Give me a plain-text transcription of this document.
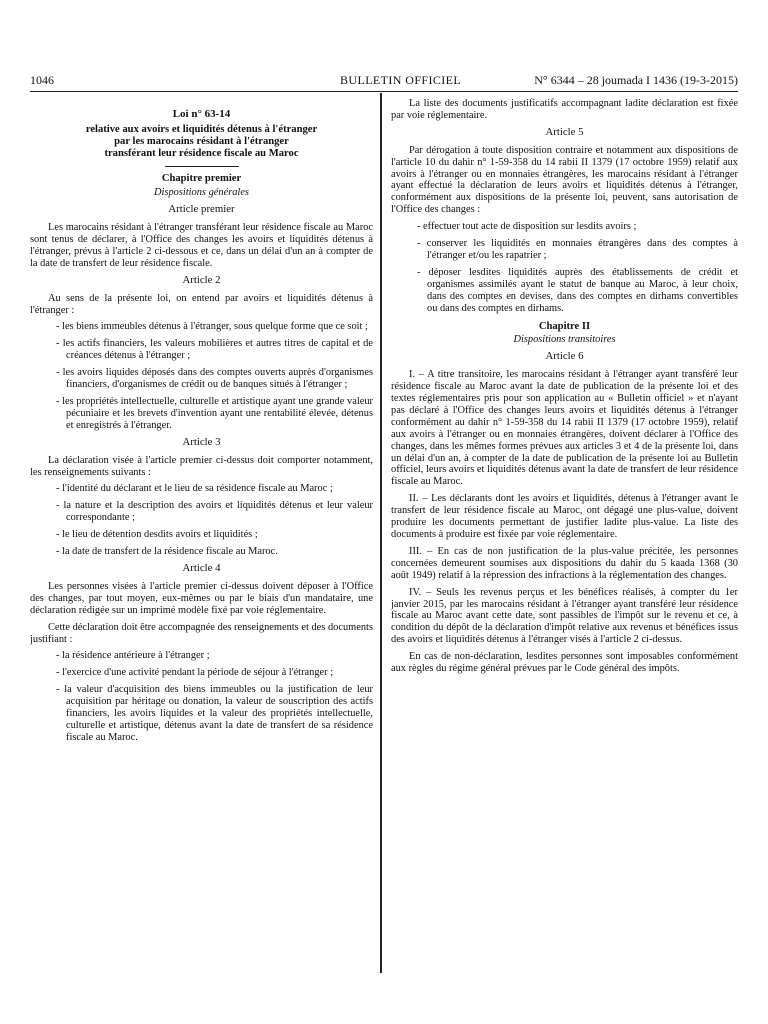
1046	BULLETIN OFFICIEL	N° 6344 – 28 joumada I 1436 (19-3-2015)
Loi n° 63-14
relative aux avoirs et liquidités détenus à l'étranger
par les marocains résidant à l'étranger
transférant leur résidence fiscale au Maroc
Chapitre premier
Dispositions générales
Article premier

Les marocains résidant à l'étranger transférant leur résidence fiscale au Maroc sont tenus de déclarer, à l'Office des changes les avoirs et liquidités détenus à l'étranger, prévus à l'article 2 ci-dessous et ce, dans un délai d'un an à compter de la date de transfert de leur résidence fiscale.

Article 2

Au sens de la présente loi, on entend par avoirs et liquidités détenus à l'étranger :

- les biens immeubles détenus à l'étranger, sous quelque forme que ce soit ;
- les actifs financiers, les valeurs mobilières et autres titres de capital et de créances détenus à l'étranger ;
- les avoirs liquides déposés dans des comptes ouverts auprès d'organismes financiers, d'organismes de crédit ou de banques situés à l'étranger ;
- les propriétés intellectuelle, culturelle et artistique ayant une grande valeur pécuniaire et les brevets d'invention ayant une rentabilité élevée, détenus et enregistrés à l'étranger.
Article 3

La déclaration visée à l'article premier ci-dessus doit comporter notamment, les renseignements suivants :

- l'identité du déclarant et le lieu de sa résidence fiscale au Maroc ;
- la nature et la description des avoirs et liquidités détenus et leur valeur correspondante ;
- le lieu de détention desdits avoirs et liquidités ;
- la date de transfert de la résidence fiscale au Maroc.
Article 4

Les personnes visées à l'article premier ci-dessus doivent déposer à l'Office des changes, par tout moyen, eux-mêmes ou par le biais d'un mandataire, une déclaration rédigée sur un imprimé modèle fixé par voie réglementaire.

Cette déclaration doit être accompagnée des renseignements et des documents justifiant :

- la résidence antérieure à l'étranger ;
- l'exercice d'une activité pendant la période de séjour à l'étranger ;
- la valeur d'acquisition des biens immeubles ou la justification de leur acquisition par héritage ou donation, la valeur de souscription des actifs financiers, les avoirs liquides et la valeur des propriétés intellectuelle, culturelle et artistique, détenus avant la date de transfert de sa résidence fiscale au Maroc.

La liste des documents justificatifs accompagnant ladite déclaration est fixée par voie réglementaire.

Article 5

Par dérogation à toute disposition contraire et notamment aux dispositions de l'article 10 du dahir n° 1-59-358 du 14 rabii II 1379 (17 octobre 1959) relatif aux avoirs à l'étranger ou en monnaies étrangères, les marocains résidant à l'étranger ayant effectué la déclaration de leurs avoirs et liquidités détenus à l'étranger, conformément aux dispositions de la présente loi, peuvent, sans autorisation de l'Office des changes :

- effectuer tout acte de disposition sur lesdits avoirs ;
- conserver les liquidités en monnaies étrangères dans des comptes à l'étranger et/ou les rapatrier ;
- déposer lesdites liquidités auprès des établissements de crédit et organismes assimilés ayant le statut de banque au Maroc, à leur choix, dans des comptes en devises, dans des comptes en dirhams convertibles ou dans des comptes en dirhams.
Chapitre II
Dispositions transitoires
Article 6

I. – A titre transitoire, les marocains résidant à l'étranger ayant transféré leur résidence fiscale au Maroc avant la date de publication de la présente loi et des textes réglementaires pris pour son application au « Bulletin officiel » et n'ayant pas déclaré à l'Office des changes leurs avoirs et liquidités détenus à l'étranger conformément au dahir n° 1-59-358 du 14 rabii II 1379 (17 octobre 1959), relatif aux avoirs à l'étranger ou en monnaies étrangères, doivent déclarer à l'Office des changes, dans les mêmes formes prévues aux articles 3 et 4 de la présente loi, dans un délai d'un an, à compter de la date de publication de la présente loi au Bulletin officiel, leurs avoirs et liquidités détenus avant la date de transfert de leur résidence fiscale au Maroc.

II. – Les déclarants dont les avoirs et liquidités, détenus à l'étranger avant le transfert de leur résidence fiscale au Maroc, ont dégagé une plus-value, doivent produire les documents permettant de justifier ladite plus-value. La liste des documents à produire est fixée par voie réglementaire.

III. – En cas de non justification de la plus-value précitée, les personnes concernées demeurent soumises aux dispositions du dahir du 5 kaada 1368 (30 août 1949) relatif à la répression des infractions à la réglementation des changes.

IV. – Seuls les revenus perçus et les bénéfices réalisés, à compter du 1er janvier 2015, par les marocains résidant à l'étranger ayant transféré leur résidence fiscale au Maroc avant cette date, sont passibles de l'impôt sur le revenu et ce, à condition du dépôt de la déclaration d'impôt relative aux revenus et bénéfices issus des avoirs et liquidités détenus à l'étranger visés à l'article 2 ci-dessus.

En cas de non-déclaration, lesdites personnes sont imposables conformément aux règles du régime général prévues par le Code général des impôts.
